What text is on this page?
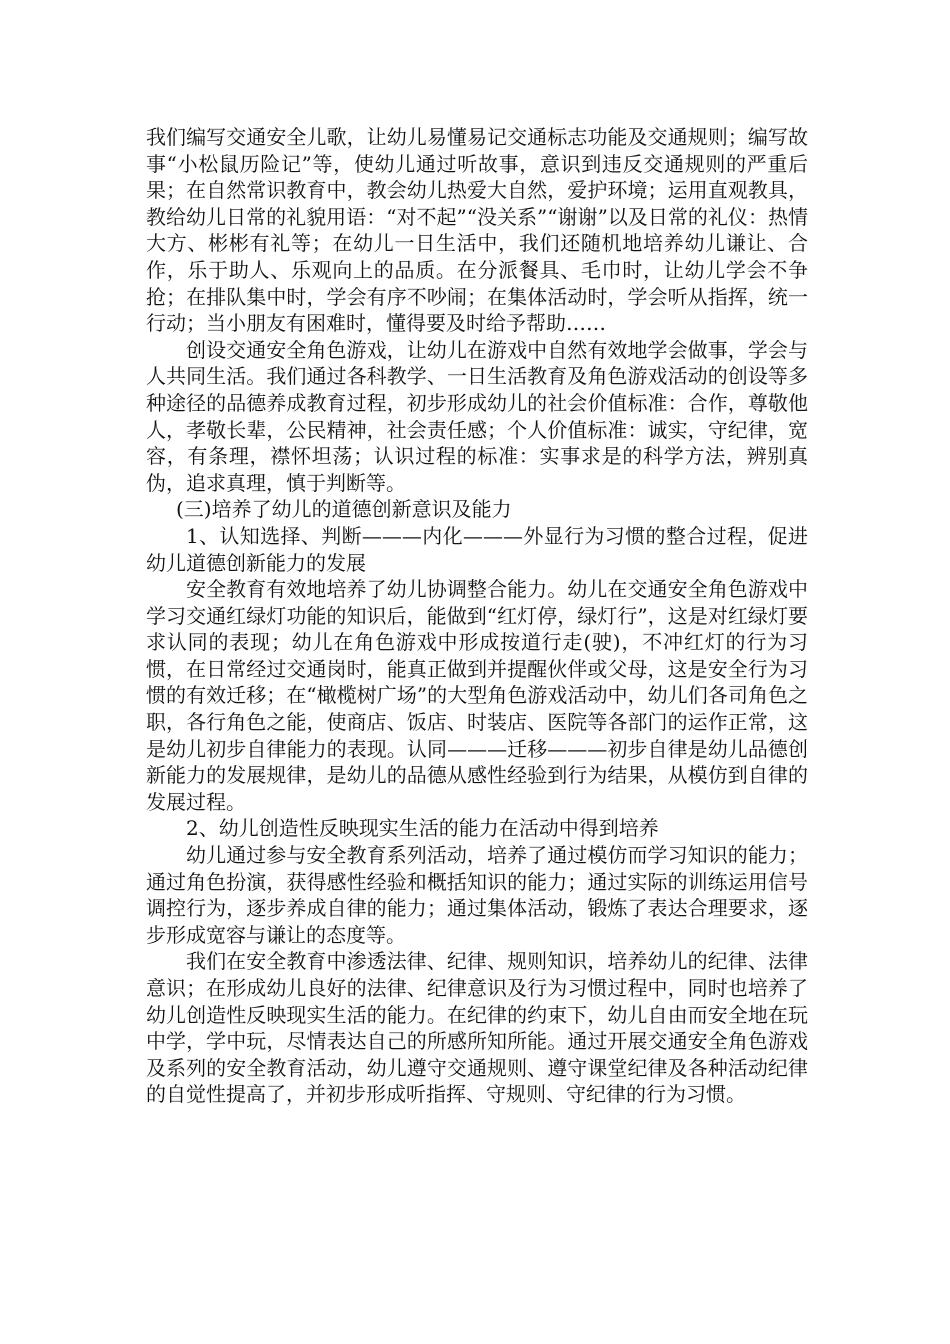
我们编写交通安全儿歌，让幼儿易懂易记交通标志功能及交通规则；编写故事“小松鼠历险记”等，使幼儿通过听故事，意识到违反交通规则的严重后果；在自然常识教育中，教会幼儿热爱大自然，爱护环境；运用直观教具，教给幼儿日常的礼貌用语：“对不起”“没关系”“谢谢”以及日常的礼仪：热情大方、彬彬有礼等；在幼儿一日生活中，我们还随机地培养幼儿谦让、合作，乐于助人、乐观向上的品质。在分派餐具、毛巾时，让幼儿学会不争抢；在排队集中时，学会有序不吵闹；在集体活动时，学会听从指挥，统一行动；当小朋友有困难时，懂得要及时给予帮助……

创设交通安全角色游戏，让幼儿在游戏中自然有效地学会做事，学会与人共同生活。我们通过各科教学、一日生活教育及角色游戏活动的创设等多种途径的品德养成教育过程，初步形成幼儿的社会价值标准：合作，尊敬他人，孝敬长辈，公民精神，社会责任感；个人价值标准：诚实，守纪律，宽容，有条理，襟怀坦荡；认识过程的标准：实事求是的科学方法，辨别真伪，追求真理，慎于判断等。

(三)培养了幼儿的道德创新意识及能力

1、认知选择、判断———内化———外显行为习惯的整合过程，促进幼儿道德创新能力的发展

安全教育有效地培养了幼儿协调整合能力。幼儿在交通安全角色游戏中学习交通红绿灯功能的知识后，能做到“红灯停，绿灯行”，这是对红绿灯要求认同的表现；幼儿在角色游戏中形成按道行走(驶)，不冲红灯的行为习惯，在日常经过交通岗时，能真正做到并提醒伙伴或父母，这是安全行为习惯的有效迁移；在“橄榄树广场”的大型角色游戏活动中，幼儿们各司角色之职，各行角色之能，使商店、饭店、时装店、医院等各部门的运作正常，这是幼儿初步自律能力的表现。认同———迁移———初步自律是幼儿品德创新能力的发展规律，是幼儿的品德从感性经验到行为结果，从模仿到自律的发展过程。

2、幼儿创造性反映现实生活的能力在活动中得到培养

幼儿通过参与安全教育系列活动，培养了通过模仿而学习知识的能力；通过角色扮演，获得感性经验和概括知识的能力；通过实际的训练运用信号调控行为，逐步养成自律的能力；通过集体活动，锻炼了表达合理要求，逐步形成宽容与谦让的态度等。

我们在安全教育中渗透法律、纪律、规则知识，培养幼儿的纪律、法律意识；在形成幼儿良好的法律、纪律意识及行为习惯过程中，同时也培养了幼儿创造性反映现实生活的能力。在纪律的约束下，幼儿自由而安全地在玩中学，学中玩，尽情表达自己的所感所知所能。通过开展交通安全角色游戏及系列的安全教育活动，幼儿遵守交通规则、遵守课堂纪律及各种活动纪律的自觉性提高了，并初步形成听指挥、守规则、守纪律的行为习惯。
